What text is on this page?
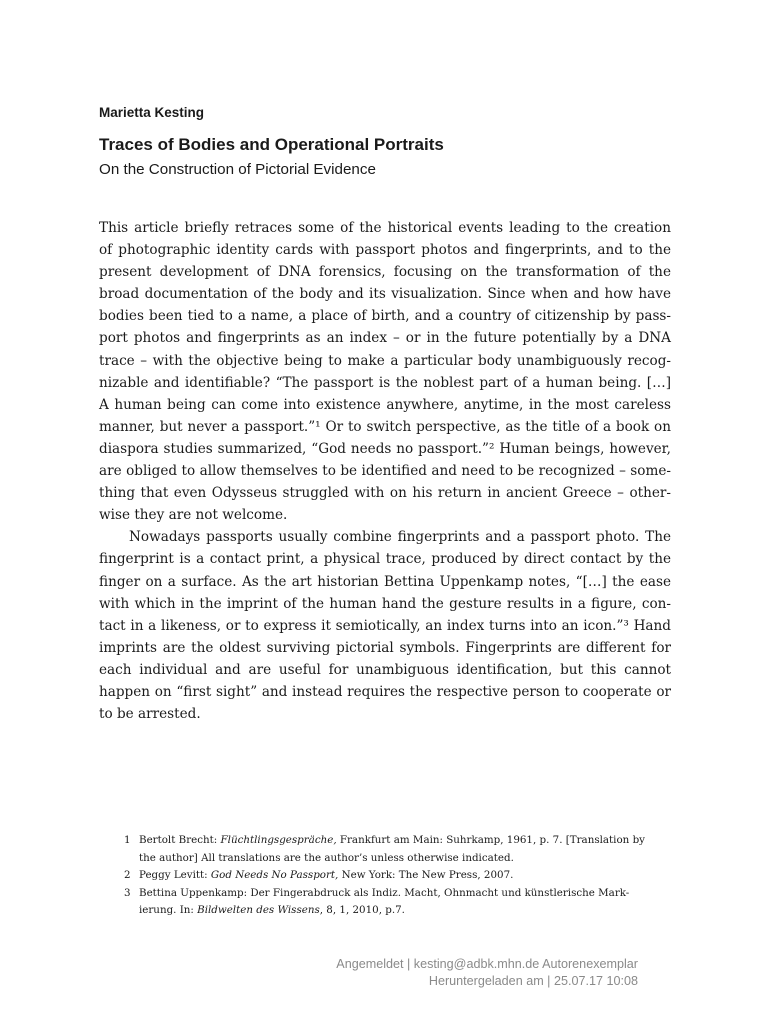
Marietta Kesting
Traces of Bodies and Operational Portraits
On the Construction of Pictorial Evidence
This article briefly retraces some of the historical events leading to the creation
of photographic identity cards with passport photos and fingerprints, and to the
present development of DNA forensics, focusing on the transformation of the
broad documentation of the body and its visualization. Since when and how have
bodies been tied to a name, a place of birth, and a country of citizenship by pass-
port photos and fingerprints as an index – or in the future potentially by a DNA
trace – with the objective being to make a particular body unambiguously recog-
nizable and identifiable? “The passport is the noblest part of a human being. […]
A human being can come into existence anywhere, anytime, in the most careless
manner, but never a passport.”¹ Or to switch perspective, as the title of a book on
diaspora studies summarized, “God needs no passport.”² Human beings, however,
are obliged to allow themselves to be identified and need to be recognized – some-
thing that even Odysseus struggled with on his return in ancient Greece – other-
wise they are not welcome.
Nowadays passports usually combine fingerprints and a passport photo. The
fingerprint is a contact print, a physical trace, produced by direct contact by the
finger on a surface. As the art historian Bettina Uppenkamp notes, “[…] the ease
with which in the imprint of the human hand the gesture results in a figure, con-
tact in a likeness, or to express it semiotically, an index turns into an icon.”³ Hand
imprints are the oldest surviving pictorial symbols. Fingerprints are different for
each individual and are useful for unambiguous identification, but this cannot
happen on “first sight” and instead requires the respective person to cooperate or
to be arrested.
1 Bertolt Brecht: Flüchtlingsgespräche, Frankfurt am Main: Suhrkamp, 1961, p. 7. [Translation by
the author] All translations are the author’s unless otherwise indicated.
2 Peggy Levitt: God Needs No Passport, New York: The New Press, 2007.
3 Bettina Uppenkamp: Der Fingerabdruck als Indiz. Macht, Ohnmacht und künstlerische Mark-
ierung. In: Bildwelten des Wissens, 8, 1, 2010, p.7.
Angemeldet | kesting@adbk.mhn.de Autorenexemplar
Heruntergeladen am | 25.07.17 10:08
